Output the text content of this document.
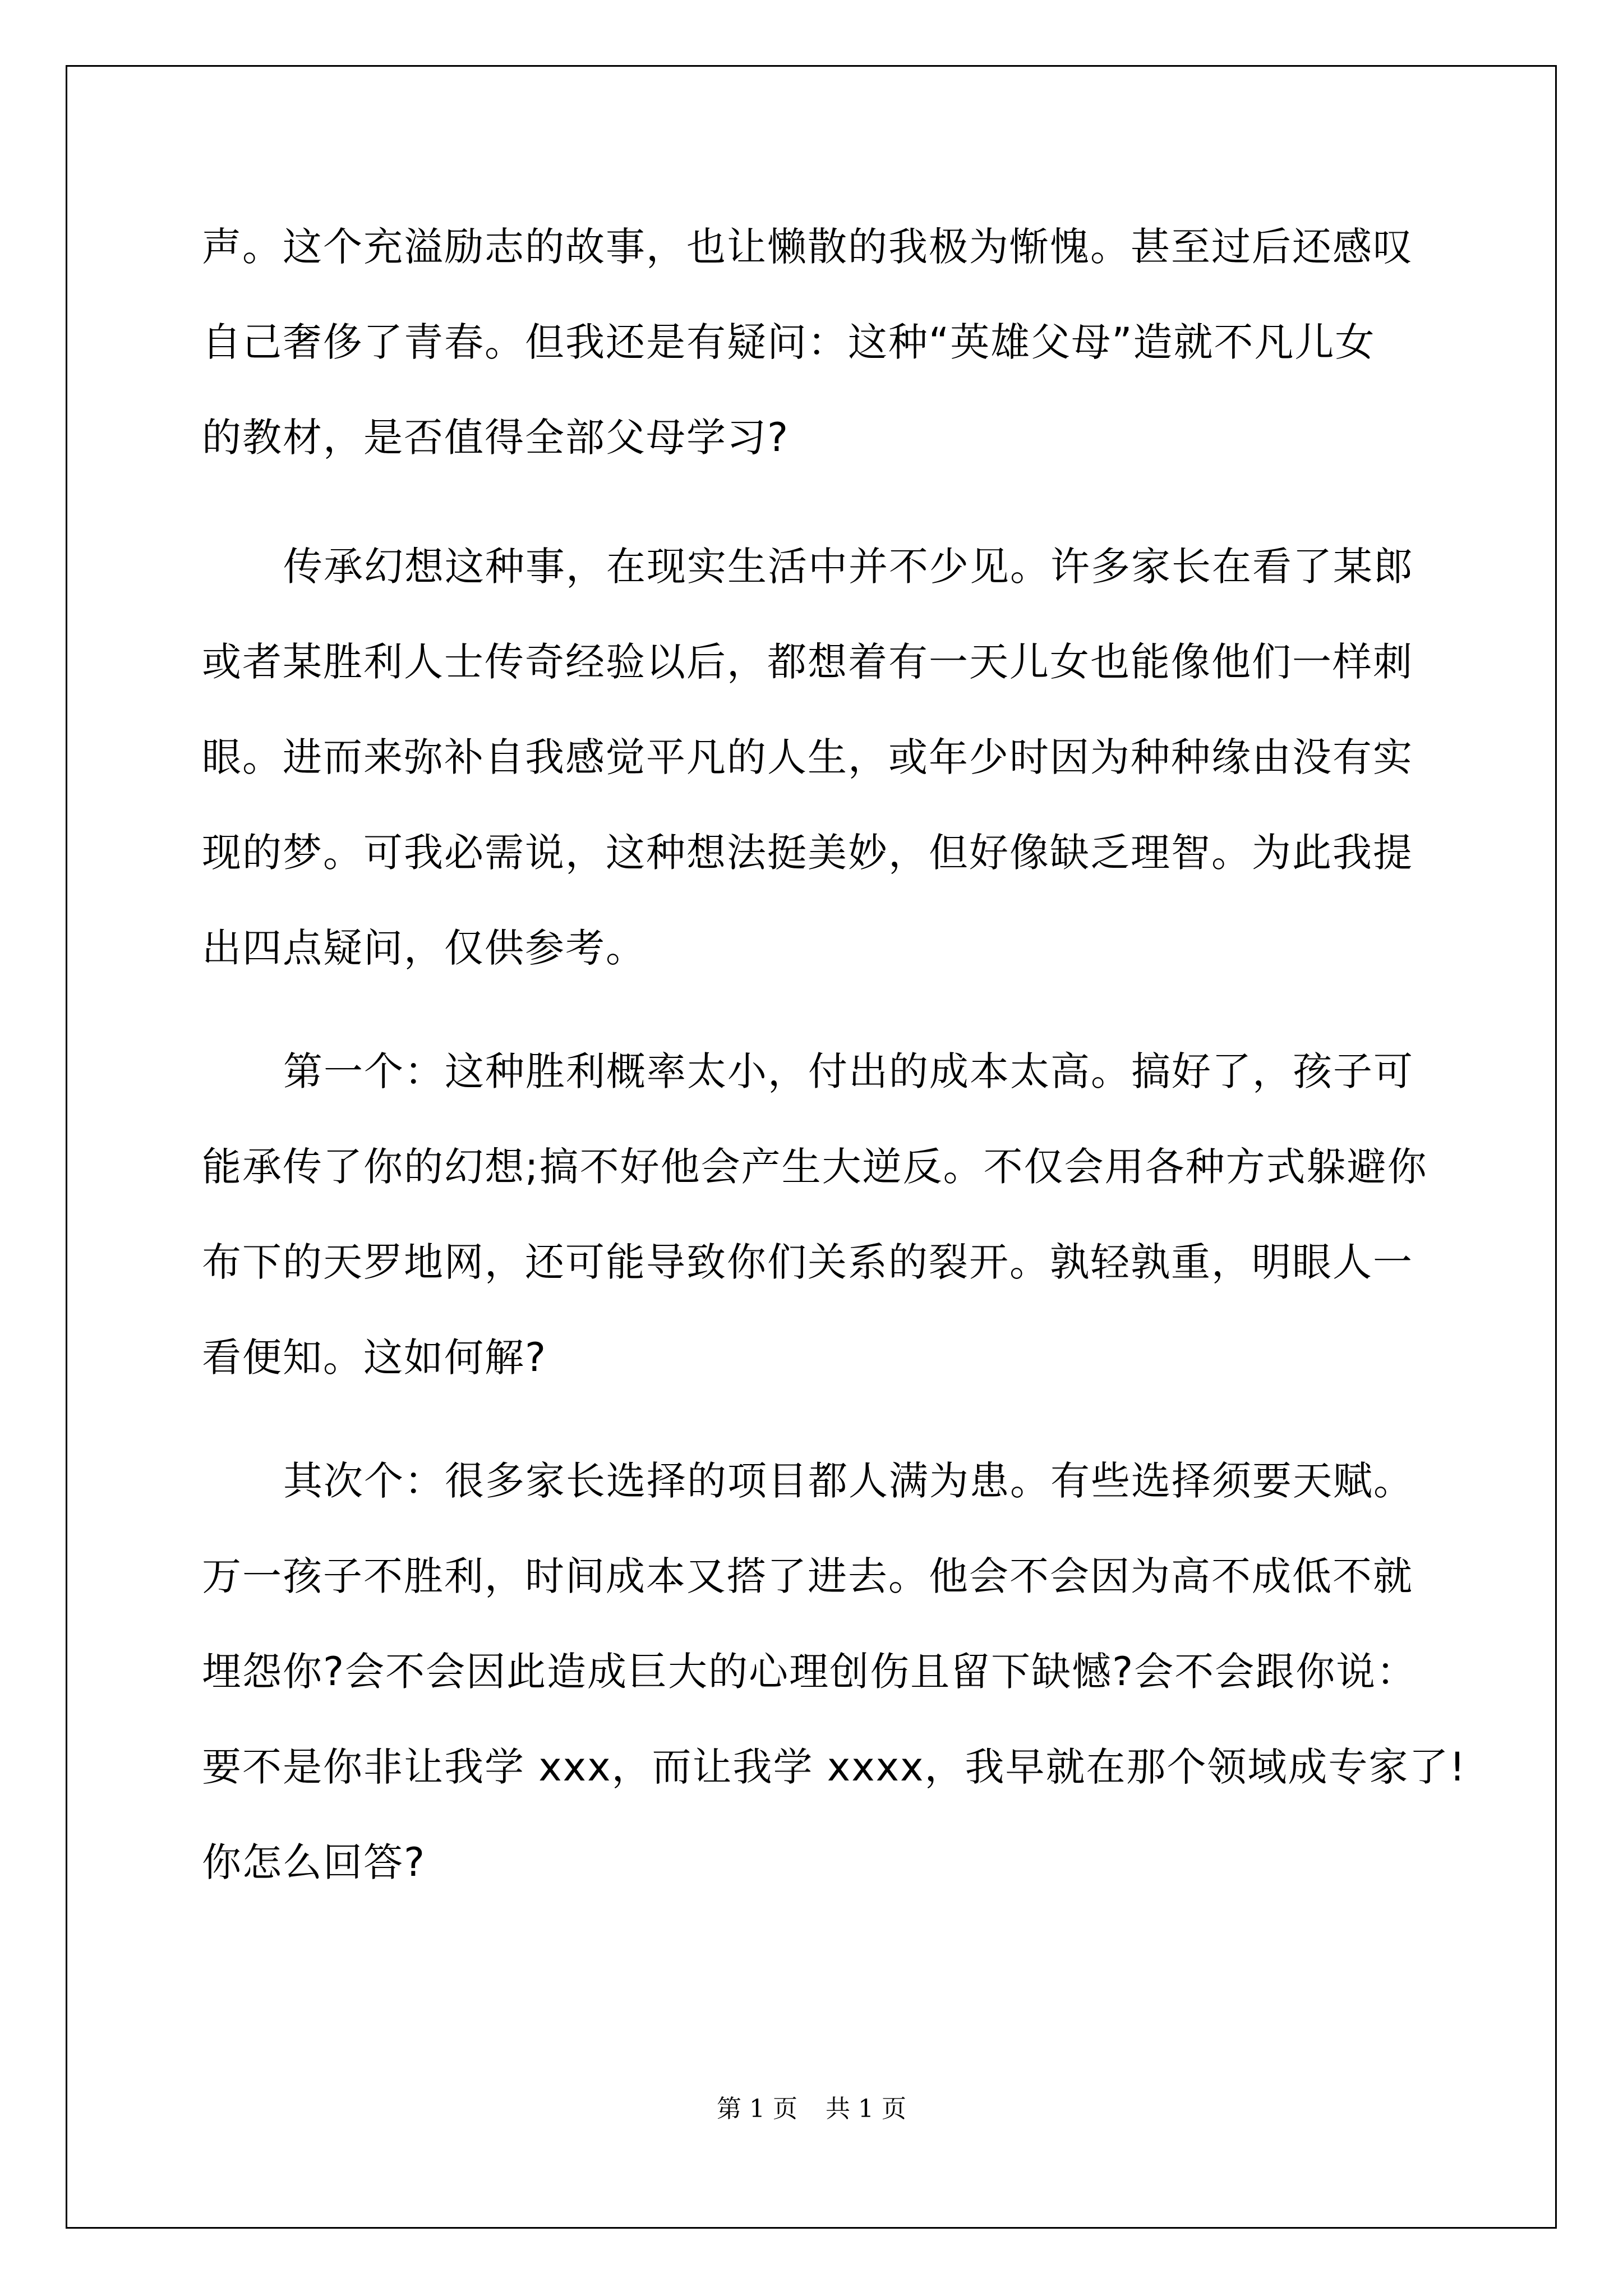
声。这个充溢励志的故事，也让懒散的我极为惭愧。甚至过后还感叹
自己奢侈了青春。但我还是有疑问：这种“英雄父母”造就不凡儿女
的教材，是否值得全部父母学习?
传承幻想这种事，在现实生活中并不少见。许多家长在看了某郎
或者某胜利人士传奇经验以后，都想着有一天儿女也能像他们一样刺
眼。进而来弥补自我感觉平凡的人生，或年少时因为种种缘由没有实
现的梦。可我必需说，这种想法挺美妙，但好像缺乏理智。为此我提
出四点疑问，仅供参考。
第一个：这种胜利概率太小，付出的成本太高。搞好了，孩子可
能承传了你的幻想;搞不好他会产生大逆反。不仅会用各种方式躲避你
布下的天罗地网，还可能导致你们关系的裂开。孰轻孰重，明眼人一
看便知。这如何解?
其次个：很多家长选择的项目都人满为患。有些选择须要天赋。
万一孩子不胜利，时间成本又搭了进去。他会不会因为高不成低不就
埋怨你?会不会因此造成巨大的心理创伤且留下缺憾?会不会跟你说：
要不是你非让我学 xxx，而让我学 xxxx，我早就在那个领域成专家了!
你怎么回答?
第 1 页 共 1 页
